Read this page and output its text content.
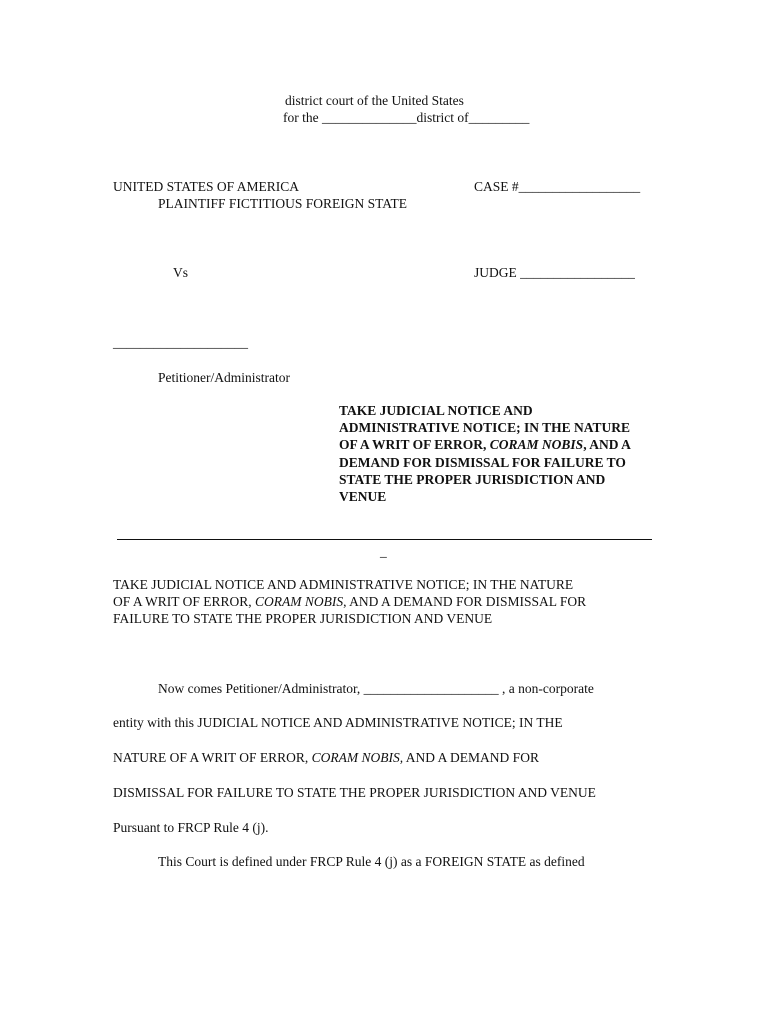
district court of the United States
for the ______________district of_________
UNITED STATES OF AMERICA	CASE #__________________
PLAINTIFF FICTITIOUS FOREIGN STATE
Vs	JUDGE _________________
____________________
Petitioner/Administrator
TAKE JUDICIAL NOTICE AND ADMINISTRATIVE NOTICE; IN THE NATURE OF A WRIT OF ERROR, CORAM NOBIS, AND A DEMAND FOR DISMISSAL FOR FAILURE TO STATE THE PROPER JURISDICTION AND VENUE
_
TAKE JUDICIAL NOTICE AND ADMINISTRATIVE NOTICE; IN THE NATURE
OF A WRIT OF ERROR, CORAM NOBIS, AND A DEMAND FOR DISMISSAL FOR
FAILURE TO STATE THE PROPER JURISDICTION AND VENUE
Now comes Petitioner/Administrator, ____________________ , a non-corporate
entity with this JUDICIAL NOTICE AND ADMINISTRATIVE NOTICE; IN THE
NATURE OF A WRIT OF ERROR, CORAM NOBIS, AND A DEMAND FOR
DISMISSAL FOR FAILURE TO STATE THE PROPER JURISDICTION AND VENUE
Pursuant to FRCP Rule 4 (j).
This Court is defined under FRCP Rule 4 (j) as a FOREIGN STATE as defined
